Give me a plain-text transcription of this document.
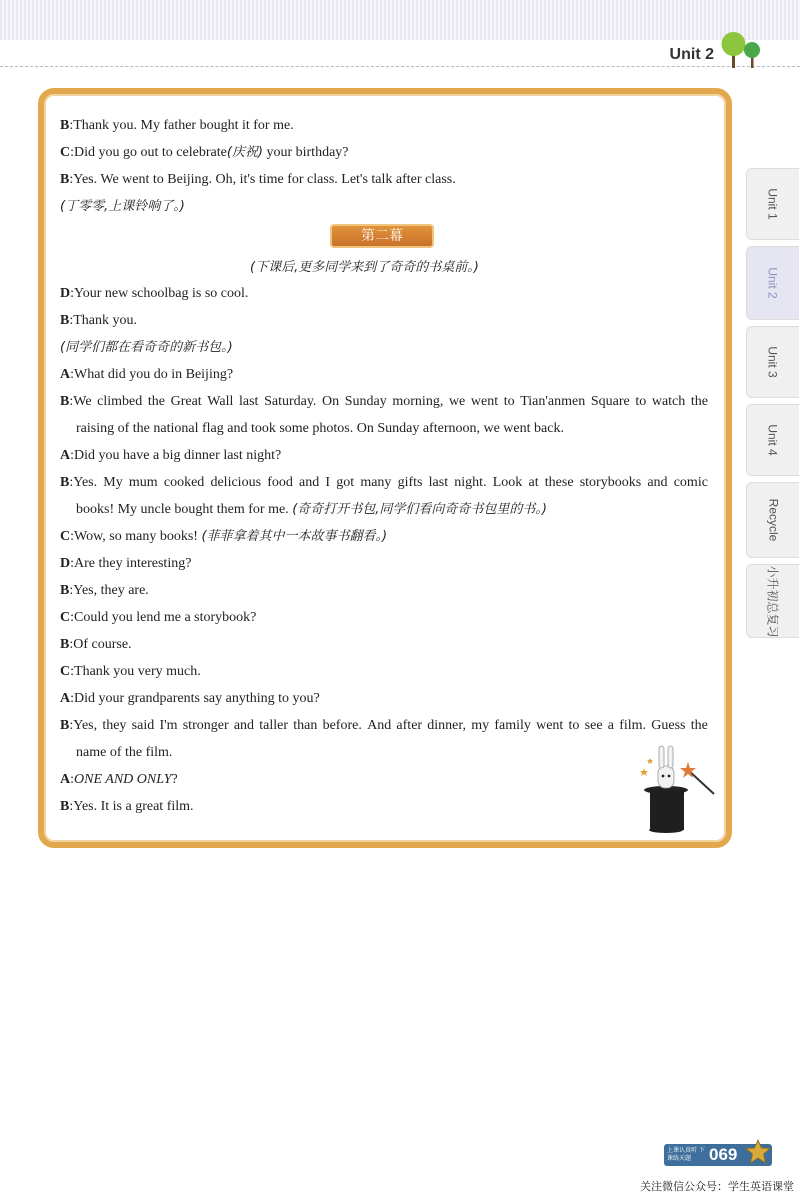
Unit 2
Unit 1
Unit 2
Unit 3
Unit 4
Recycle
小升初总复习
B:Thank you. My father bought it for me.
C:Did you go out to celebrate(庆祝) your birthday?
B:Yes. We went to Beijing. Oh, it's time for class. Let's talk after class.
(丁零零,上课铃响了。)
第二幕
(下课后,更多同学来到了奇奇的书桌前。)
D:Your new schoolbag is so cool.
B:Thank you.
(同学们都在看奇奇的新书包。)
A:What did you do in Beijing?
B:We climbed the Great Wall last Saturday. On Sunday morning, we went to Tian'anmen Square to watch the
raising of the national flag and took some photos. On Sunday afternoon, we went back.
A:Did you have a big dinner last night?
B:Yes. My mum cooked delicious food and I got many gifts last night. Look at these storybooks and comic
books! My uncle bought them for me. (奇奇打开书包,同学们看向奇奇书包里的书。)
C:Wow, so many books! (菲菲拿着其中一本故事书翻看。)
D:Are they interesting?
B:Yes, they are.
C:Could you lend me a storybook?
B:Of course.
C:Thank you very much.
A:Did your grandparents say anything to you?
B:Yes, they said I'm stronger and taller than before. And after dinner, my family went to see a film. Guess the
name of the film.
A:ONE AND ONLY?
B:Yes. It is a great film.
上课认真听 下课练天题	069
关注微信公众号：学生英语课堂
